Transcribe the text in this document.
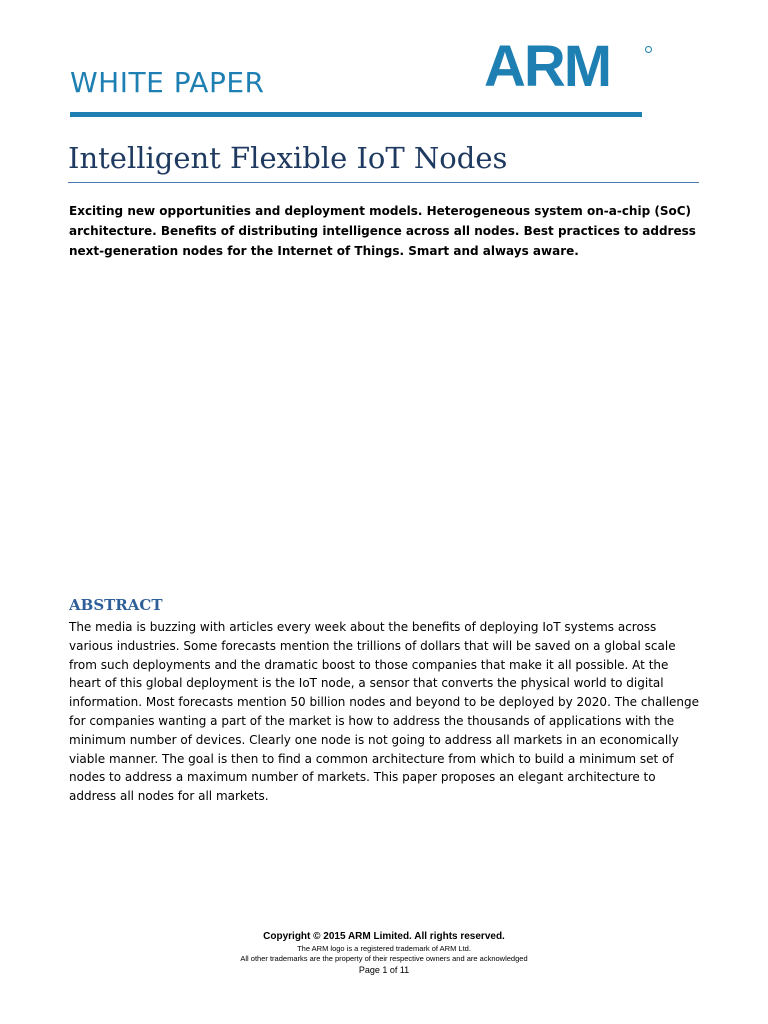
WHITE PAPER	ARM
Intelligent Flexible IoT Nodes
Exciting new opportunities and deployment models. Heterogeneous system on-a-chip (SoC) architecture. Benefits of distributing intelligence across all nodes. Best practices to address next-generation nodes for the Internet of Things. Smart and always aware.
ABSTRACT
The media is buzzing with articles every week about the benefits of deploying IoT systems across various industries. Some forecasts mention the trillions of dollars that will be saved on a global scale from such deployments and the dramatic boost to those companies that make it all possible. At the heart of this global deployment is the IoT node, a sensor that converts the physical world to digital information. Most forecasts mention 50 billion nodes and beyond to be deployed by 2020. The challenge for companies wanting a part of the market is how to address the thousands of applications with the minimum number of devices. Clearly one node is not going to address all markets in an economically viable manner. The goal is then to find a common architecture from which to build a minimum set of nodes to address a maximum number of markets. This paper proposes an elegant architecture to address all nodes for all markets.
Copyright © 2015 ARM Limited. All rights reserved.
The ARM logo is a registered trademark of ARM Ltd.
All other trademarks are the property of their respective owners and are acknowledged
Page 1 of 11
